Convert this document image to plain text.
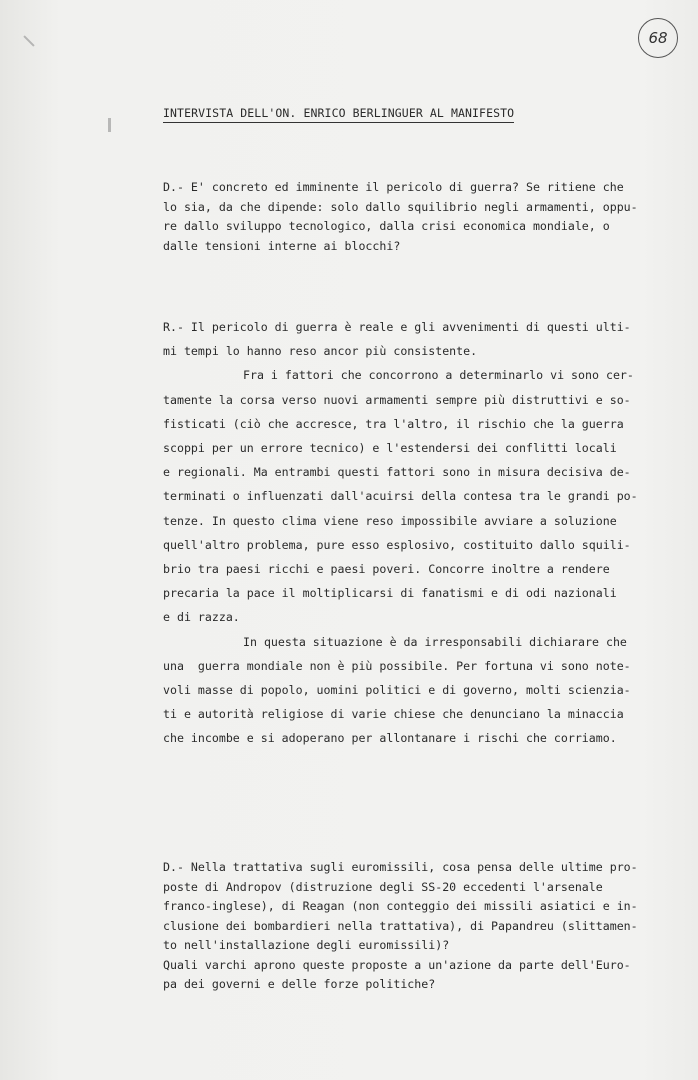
68
INTERVISTA DELL'ON. ENRICO BERLINGUER AL MANIFESTO
D.- E' concreto ed imminente il pericolo di guerra? Se ritiene che
lo sia, da che dipende: solo dallo squilibrio negli armamenti, oppu-
re dallo sviluppo tecnologico, dalla crisi economica mondiale, o
dalle tensioni interne ai blocchi?
R.- Il pericolo di guerra è reale e gli avvenimenti di questi ulti-
mi tempi lo hanno reso ancor più consistente.
Fra i fattori che concorrono a determinarlo vi sono cer-
tamente la corsa verso nuovi armamenti sempre più distruttivi e so-
fisticati (ciò che accresce, tra l'altro, il rischio che la guerra
scoppi per un errore tecnico) e l'estendersi dei conflitti locali
e regionali. Ma entrambi questi fattori sono in misura decisiva de-
terminati o influenzati dall'acuirsi della contesa tra le grandi po-
tenze. In questo clima viene reso impossibile avviare a soluzione
quell'altro problema, pure esso esplosivo, costituito dallo squili-
brio tra paesi ricchi e paesi poveri. Concorre inoltre a rendere
precaria la pace il moltiplicarsi di fanatismi e di odi nazionali
e di razza.
In questa situazione è da irresponsabili dichiarare che
una  guerra mondiale non è più possibile. Per fortuna vi sono note-
voli masse di popolo, uomini politici e di governo, molti scienzia-
ti e autorità religiose di varie chiese che denunciano la minaccia
che incombe e si adoperano per allontanare i rischi che corriamo.
D.- Nella trattativa sugli euromissili, cosa pensa delle ultime pro-
poste di Andropov (distruzione degli SS-20 eccedenti l'arsenale
franco-inglese), di Reagan (non conteggio dei missili asiatici e in-
clusione dei bombardieri nella trattativa), di Papandreu (slittamen-
to nell'installazione degli euromissili)?
Quali varchi aprono queste proposte a un'azione da parte dell'Euro-
pa dei governi e delle forze politiche?
